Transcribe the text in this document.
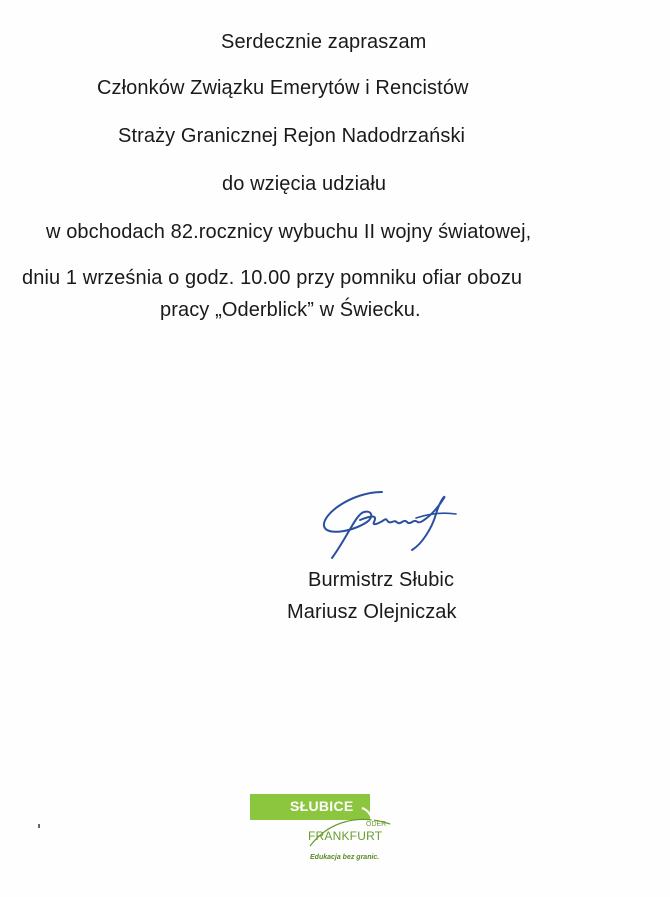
Serdecznie zapraszam
Członków Związku Emerytów i Rencistów
Straży Granicznej Rejon Nadodrzański
do wzięcia udziału
w obchodach 82.rocznicy wybuchu II wojny światowej,
dniu 1 września o godz. 10.00 przy pomniku ofiar obozu
pracy „Oderblick” w Świecku.
Burmistrz Słubic
Mariusz Olejniczak
SŁUBICE
ODER
FRANKFURT
Edukacja bez granic.
